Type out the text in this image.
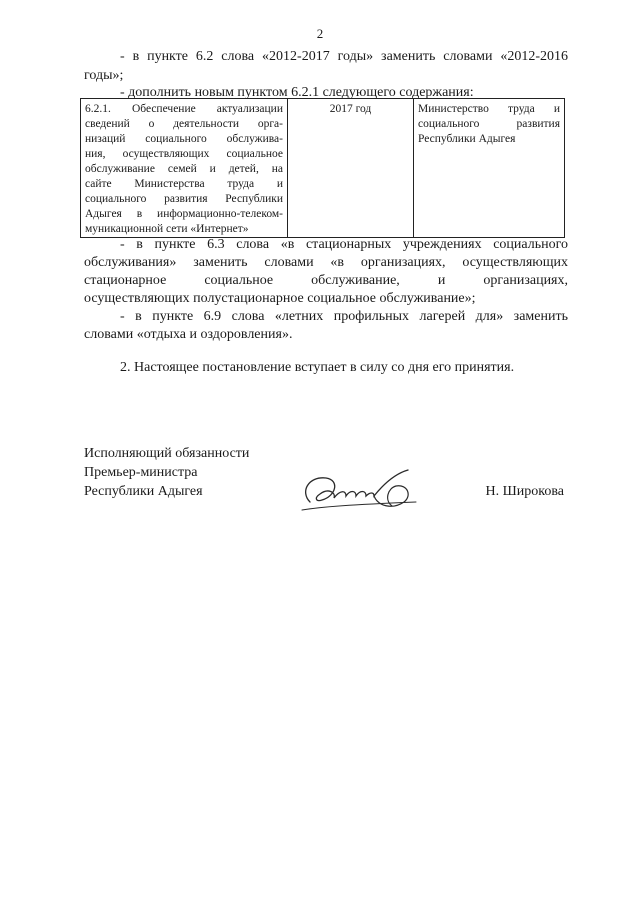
2
- в пункте 6.2 слова «2012-2017 годы» заменить словами «2012-2016
годы»;
- дополнить новым пунктом 6.2.1 следующего содержания:
6.2.1. Обеспечение актуализации
сведений о деятельности орга-
низаций социального обслужива-
ния, осуществляющих социальное
обслуживание семей и детей, на
сайте Министерства труда и
социального развития Республики
Адыгея в информационно-телеком-
муникационной сети «Интернет»
	2017 год	Министерство труда и
социального развития
Республики Адыгея
- в пункте 6.3 слова «в стационарных учреждениях социального
обслуживания» заменить словами «в организациях, осуществляющих
стационарное социальное обслуживание, и организациях,
осуществляющих полустационарное социальное обслуживание»;
- в пункте 6.9 слова «летних профильных лагерей для» заменить
словами «отдыха и оздоровления».
2. Настоящее постановление вступает в силу со дня его принятия.
Исполняющий обязанности
Премьер-министра
Республики Адыгея	Н. Широкова
